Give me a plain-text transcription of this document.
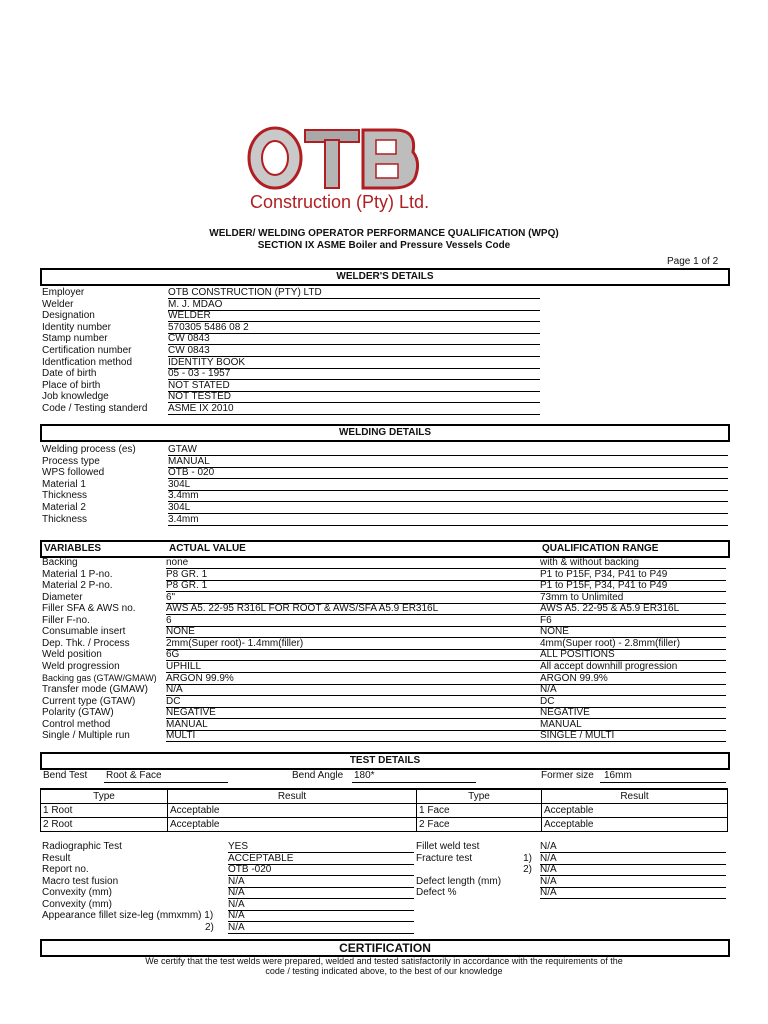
OTB
Construction (Pty) Ltd.
WELDER/ WELDING OPERATOR PERFORMANCE QUALIFICATION (WPQ)
SECTION IX ASME Boiler and Pressure Vessels Code
Page 1 of 2
WELDER'S DETAILS
Employer	OTB CONSTRUCTION (PTY) LTD
Welder	M. J. MDAO
Designation	WELDER
Identity number	570305 5486 08 2
Stamp number	CW 0843
Certification number	CW 0843
Identfication method	IDENTITY BOOK
Date of birth	05 - 03 - 1957
Place of birth	NOT STATED
Job knowledge	NOT TESTED
Code / Testing standerd ASME IX 2010
WELDING DETAILS
Welding process (es)	GTAW
Process type	MANUAL
WPS followed	OTB - 020
Material 1	304L
Thickness	3.4mm
Material 2	304L
Thickness	3.4mm
VARIABLES	ACTUAL VALUE	QUALIFICATION RANGE
Backing	none	with & without backing
Material 1 P-no.	P8 GR. 1	P1 to P15F, P34, P41 to P49
Material 2 P-no.	P8 GR. 1	P1 to P15F, P34, P41 to P49
Diameter	6"	73mm to Unlimited
Filler SFA & AWS no.	AWS A5. 22-95 R316L FOR ROOT & AWS/SFA A5.9 ER316L	AWS A5. 22-95 & A5.9 ER316L
Filler F-no.	6	F6
Consumable insert	NONE	NONE
Dep. Thk. / Process	2mm(Super root)- 1.4mm(filler)	4mm(Super root) - 2.8mm(filler)
Weld position	6G	ALL POSITIONS
Weld progression	UPHILL	All accept downhill progression
Backing gas (GTAW/GMAW) ARGON 99.9%	ARGON 99.9%
Transfer mode (GMAW) N/A	N/A
Current type (GTAW)	DC	DC
Polarity (GTAW)	NEGATIVE	NEGATIVE
Control method	MANUAL	MANUAL
Single / Multiple run	MULTI	SINGLE / MULTI
TEST DETAILS
Bend Test Root & Face	Bend Angle 180*	Former size 16mm
Type	Result	Type	Result
1 Root	Acceptable	1 Face	Acceptable
2 Root	Acceptable	2 Face	Acceptable
Radiographic Test	YES
Result	ACCEPTABLE
Report no.	OTB -020
Macro test fusion	N/A
Convexity (mm)	N/A
Convexity (mm)	N/A
Appearance fillet size-leg (mmxmm) 1) N/A
2) N/A
Fillet weld test	N/A
Fracture test	1) N/A
2) N/A
Defect length (mm)	N/A
Defect %	N/A
CERTIFICATION
We certify that the test welds were prepared, welded and tested satisfactorily in accordance with the requirements of the
code / testing indicated above, to the best of our knowledge
